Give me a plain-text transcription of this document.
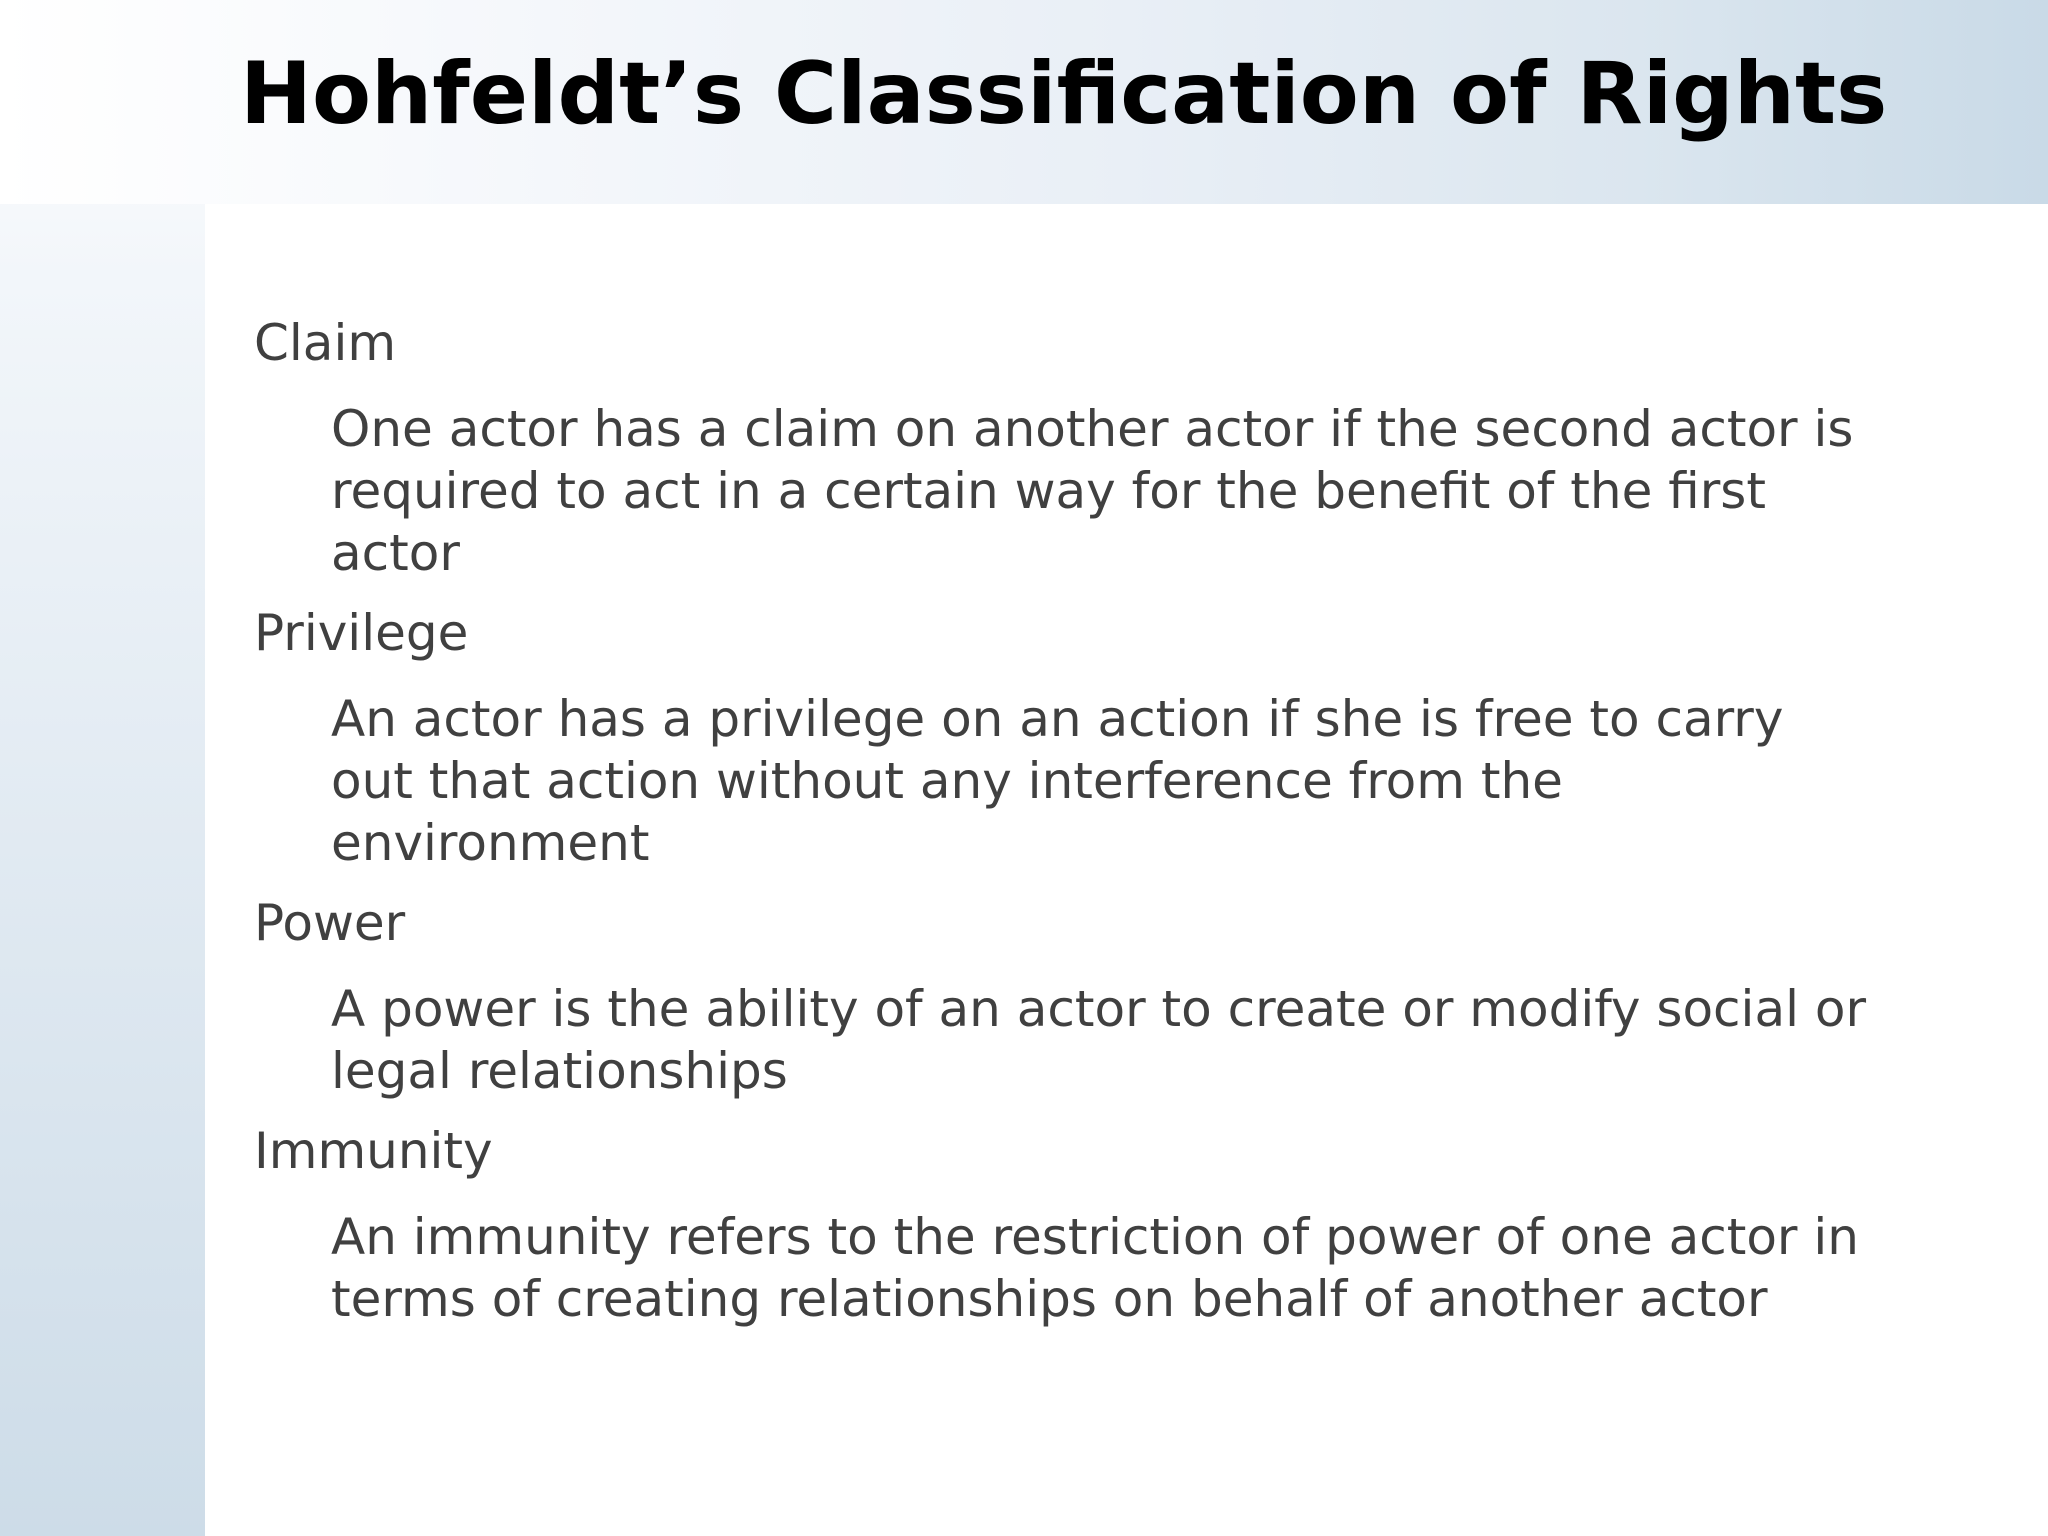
Hohfeldt’s Classification of Rights
Claim
One actor has a claim on another actor if the second actor is required to act in a certain way for the benefit of the first actor
Privilege
An actor has a privilege on an action if she is free to carry out that action without any interference from the environment
Power
A power is the ability of an actor to create or modify social or legal relationships
Immunity
An immunity refers to the restriction of power of one actor in terms of creating relationships on behalf of another actor
